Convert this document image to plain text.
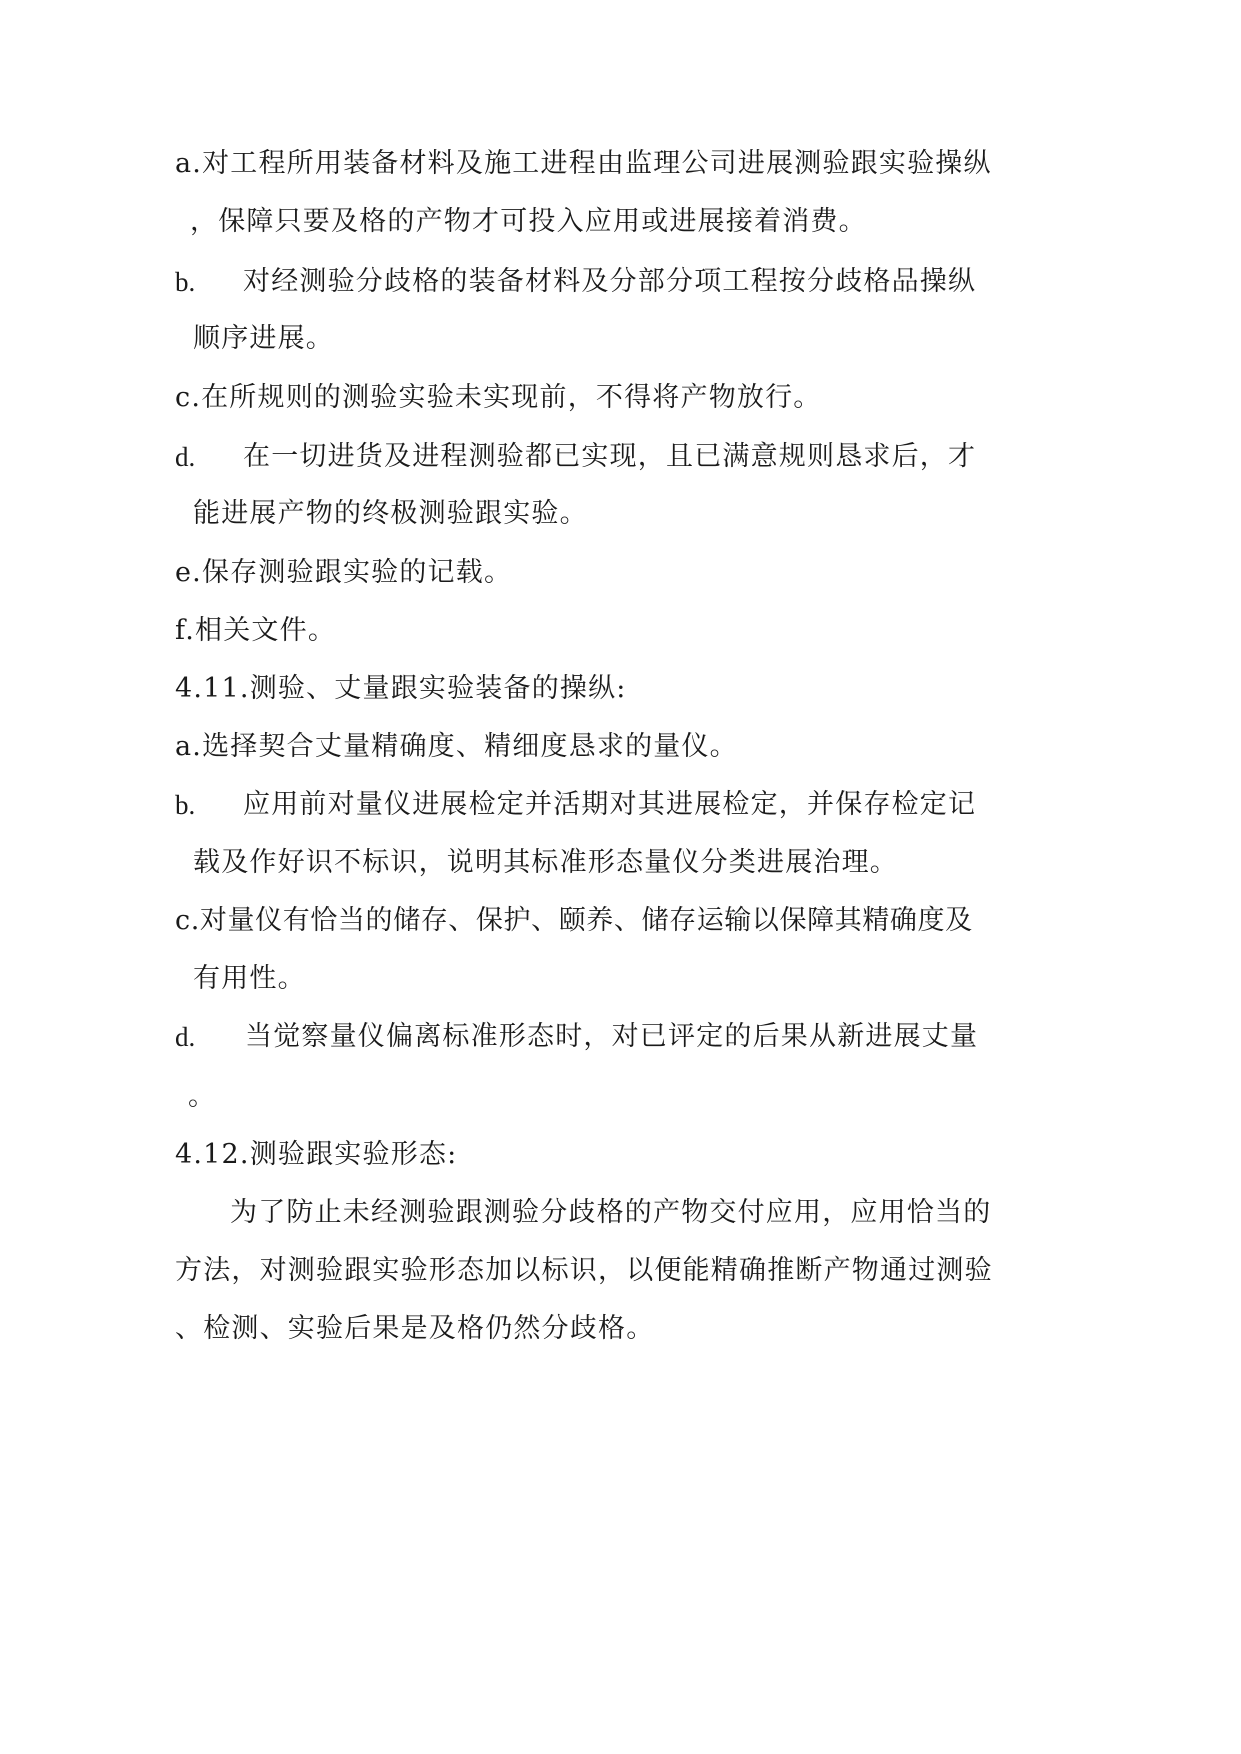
a.对工程所用装备材料及施工进程由监理公司进展测验跟实验操纵
，保障只要及格的产物才可投入应用或进展接着消费。
b. 对经测验分歧格的装备材料及分部分项工程按分歧格品操纵
顺序进展。
c.在所规则的测验实验未实现前，不得将产物放行。
d. 在一切进货及进程测验都已实现，且已满意规则恳求后，才
能进展产物的终极测验跟实验。
e.保存测验跟实验的记载。
f.相关文件。
4.11.测验、丈量跟实验装备的操纵:
a.选择契合丈量精确度、精细度恳求的量仪。
b. 应用前对量仪进展检定并活期对其进展检定，并保存检定记
载及作好识不标识，说明其标准形态量仪分类进展治理。
c.对量仪有恰当的储存、保护、颐养、储存运输以保障其精确度及
有用性。
d. 当觉察量仪偏离标准形态时，对已评定的后果从新进展丈量
。
4.12.测验跟实验形态:
为了防止未经测验跟测验分歧格的产物交付应用，应用恰当的
方法，对测验跟实验形态加以标识，以便能精确推断产物通过测验
、检测、实验后果是及格仍然分歧格。
